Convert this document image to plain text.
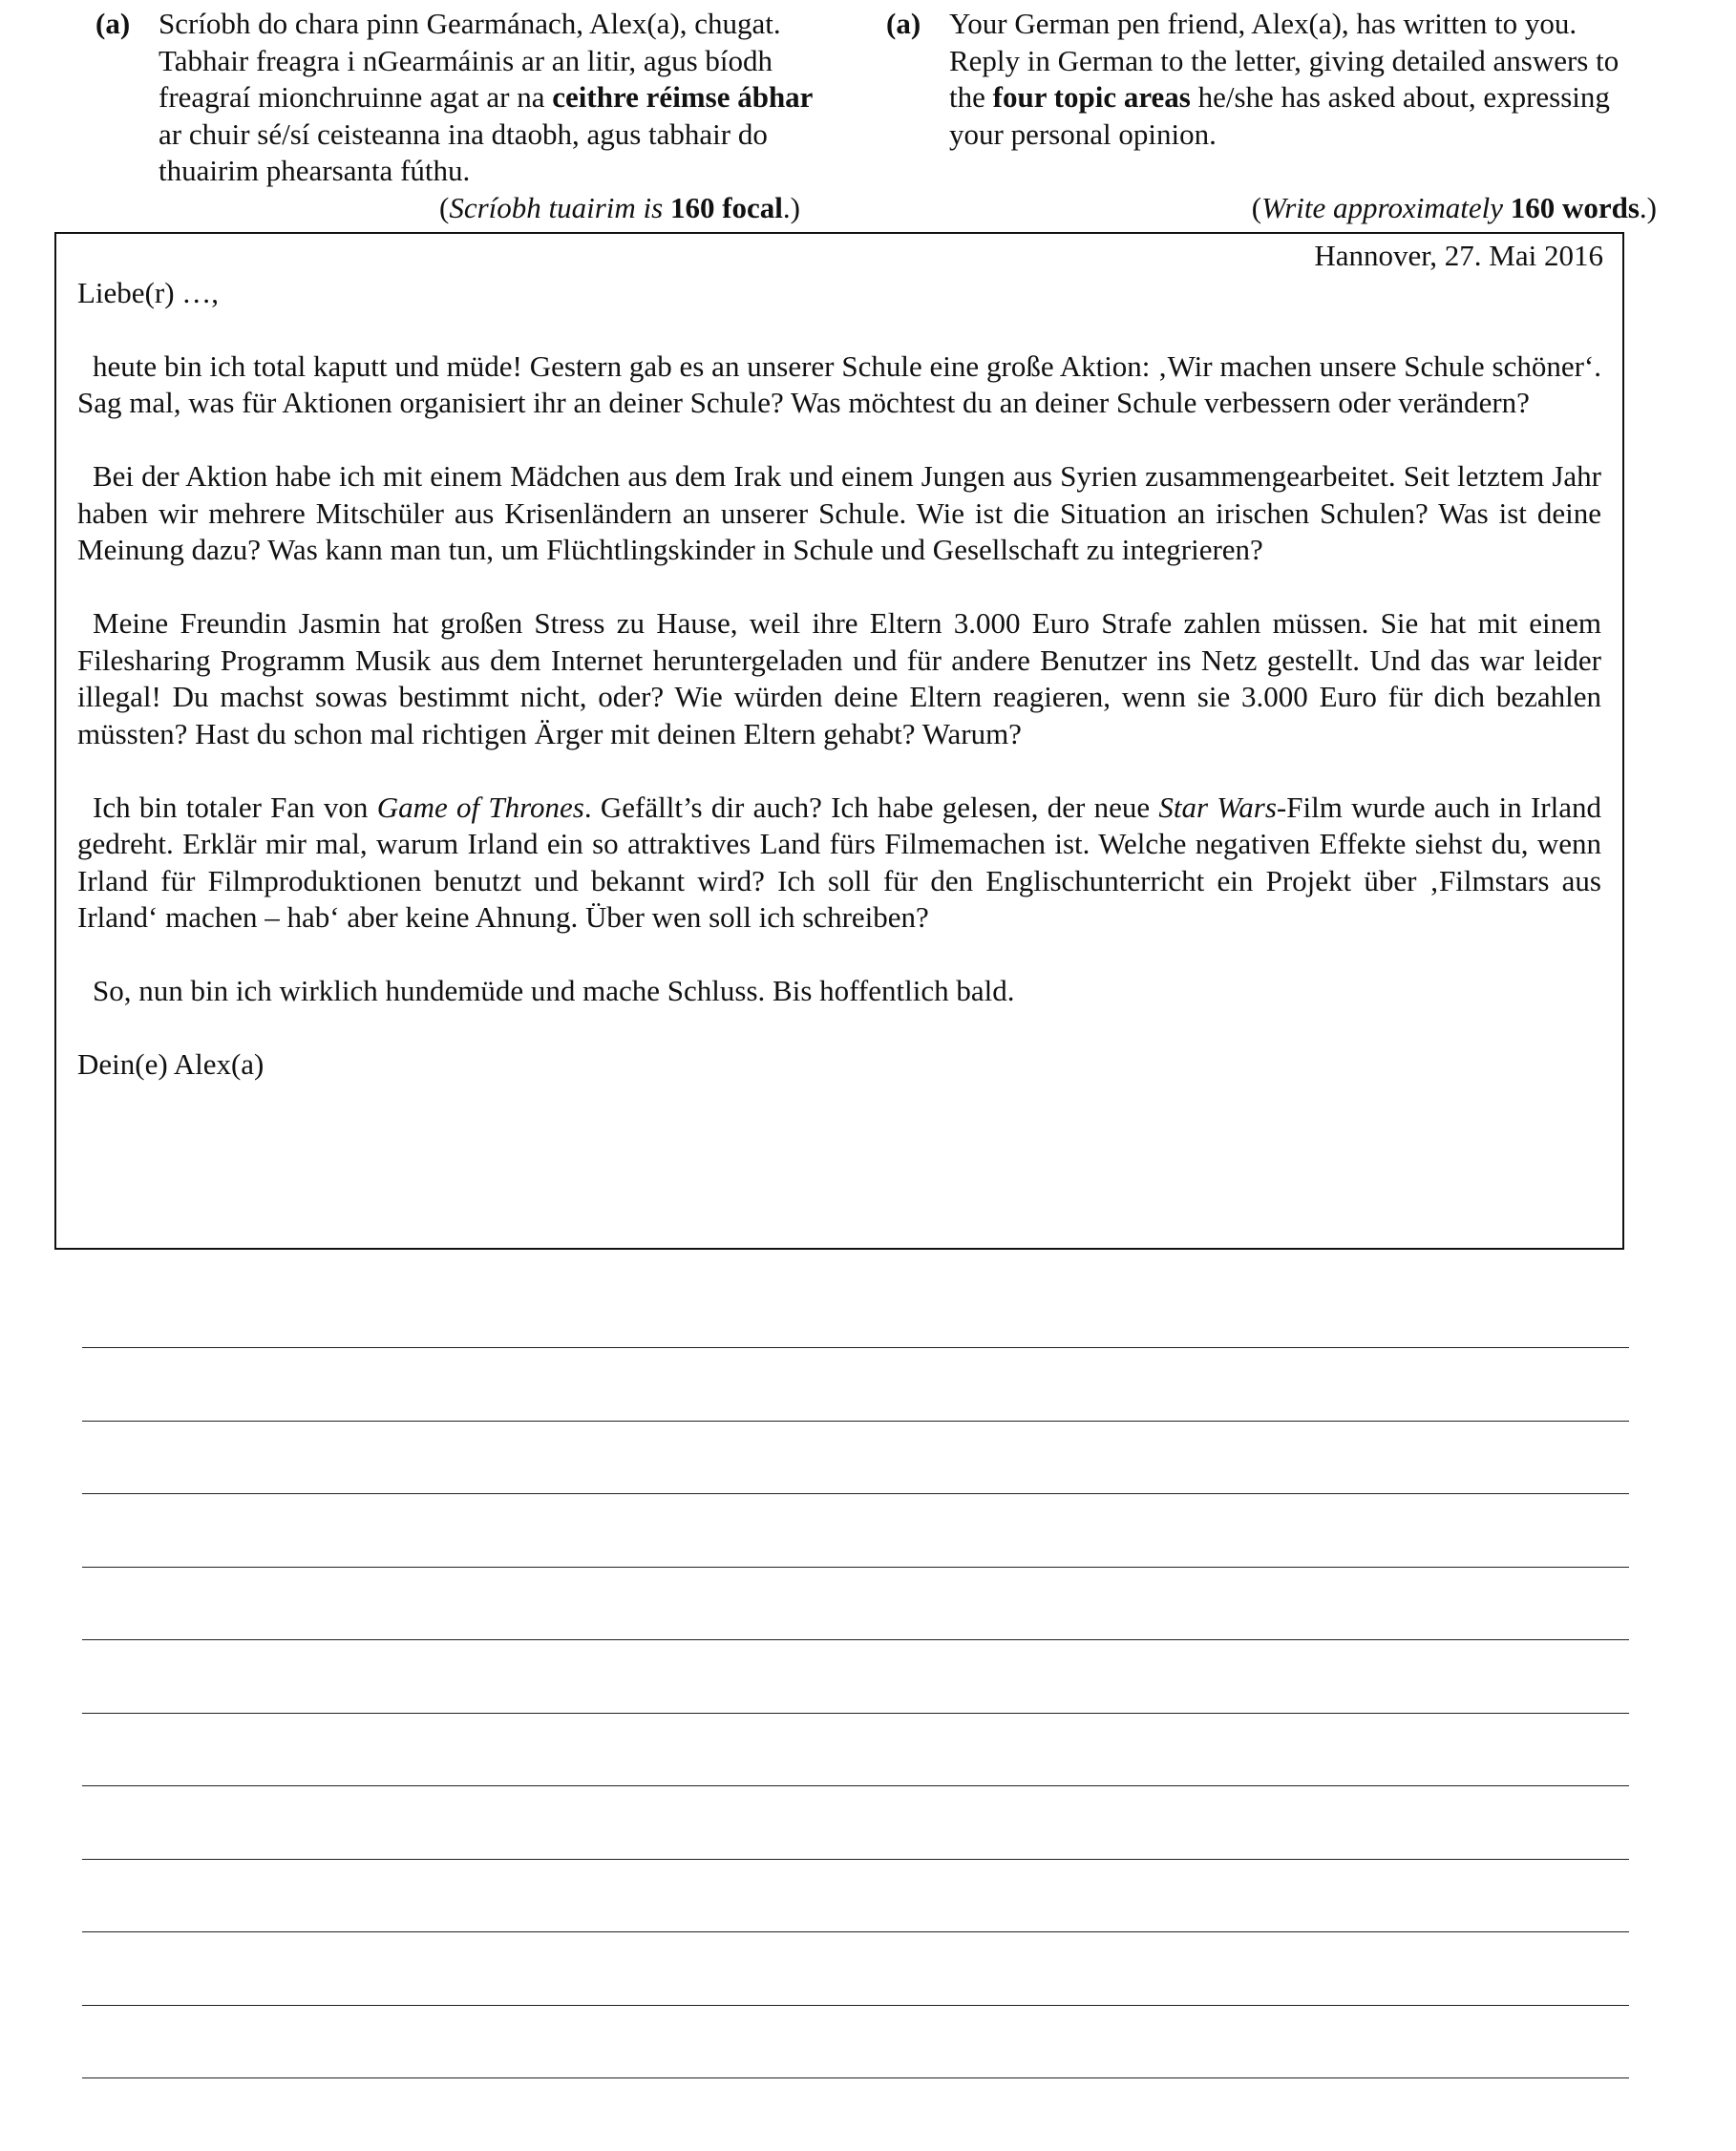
(a) Scríobh do chara pinn Gearmánach, Alex(a), chugat. Tabhair freagra i nGearmáinis ar an litir, agus bíodh freagraí mionchruinne agat ar na ceithre réimse ábhar ar chuir sé/sí ceisteanna ina dtaobh, agus tabhair do thuairim phearsanta fúthu.
(Scríobh tuairim is 160 focal.)
(a) Your German pen friend, Alex(a), has written to you. Reply in German to the letter, giving detailed answers to the four topic areas he/she has asked about, expressing your personal opinion.
(Write approximately 160 words.)
Hannover, 27. Mai 2016
Liebe(r) …,

heute bin ich total kaputt und müde! Gestern gab es an unserer Schule eine große Aktion: ‚Wir machen unsere Schule schöner‘. Sag mal, was für Aktionen organisiert ihr an deiner Schule? Was möchtest du an deiner Schule verbessern oder verändern?

Bei der Aktion habe ich mit einem Mädchen aus dem Irak und einem Jungen aus Syrien zusammengearbeitet. Seit letztem Jahr haben wir mehrere Mitschüler aus Krisenländern an unserer Schule. Wie ist die Situation an irischen Schulen? Was ist deine Meinung dazu? Was kann man tun, um Flüchtlingskinder in Schule und Gesellschaft zu integrieren?

Meine Freundin Jasmin hat großen Stress zu Hause, weil ihre Eltern 3.000 Euro Strafe zahlen müssen. Sie hat mit einem Filesharing Programm Musik aus dem Internet heruntergeladen und für andere Benutzer ins Netz gestellt. Und das war leider illegal! Du machst sowas bestimmt nicht, oder? Wie würden deine Eltern reagieren, wenn sie 3.000 Euro für dich bezahlen müssten? Hast du schon mal richtigen Ärger mit deinen Eltern gehabt? Warum?

Ich bin totaler Fan von Game of Thrones. Gefällt’s dir auch? Ich habe gelesen, der neue Star Wars-Film wurde auch in Irland gedreht. Erklär mir mal, warum Irland ein so attraktives Land fürs Filmemachen ist. Welche negativen Effekte siehst du, wenn Irland für Filmproduktionen benutzt und bekannt wird? Ich soll für den Englischunterricht ein Projekt über ‚Filmstars aus Irland‘ machen – hab‘ aber keine Ahnung. Über wen soll ich schreiben?

So, nun bin ich wirklich hundemüde und mache Schluss. Bis hoffentlich bald.

Dein(e) Alex(a)
